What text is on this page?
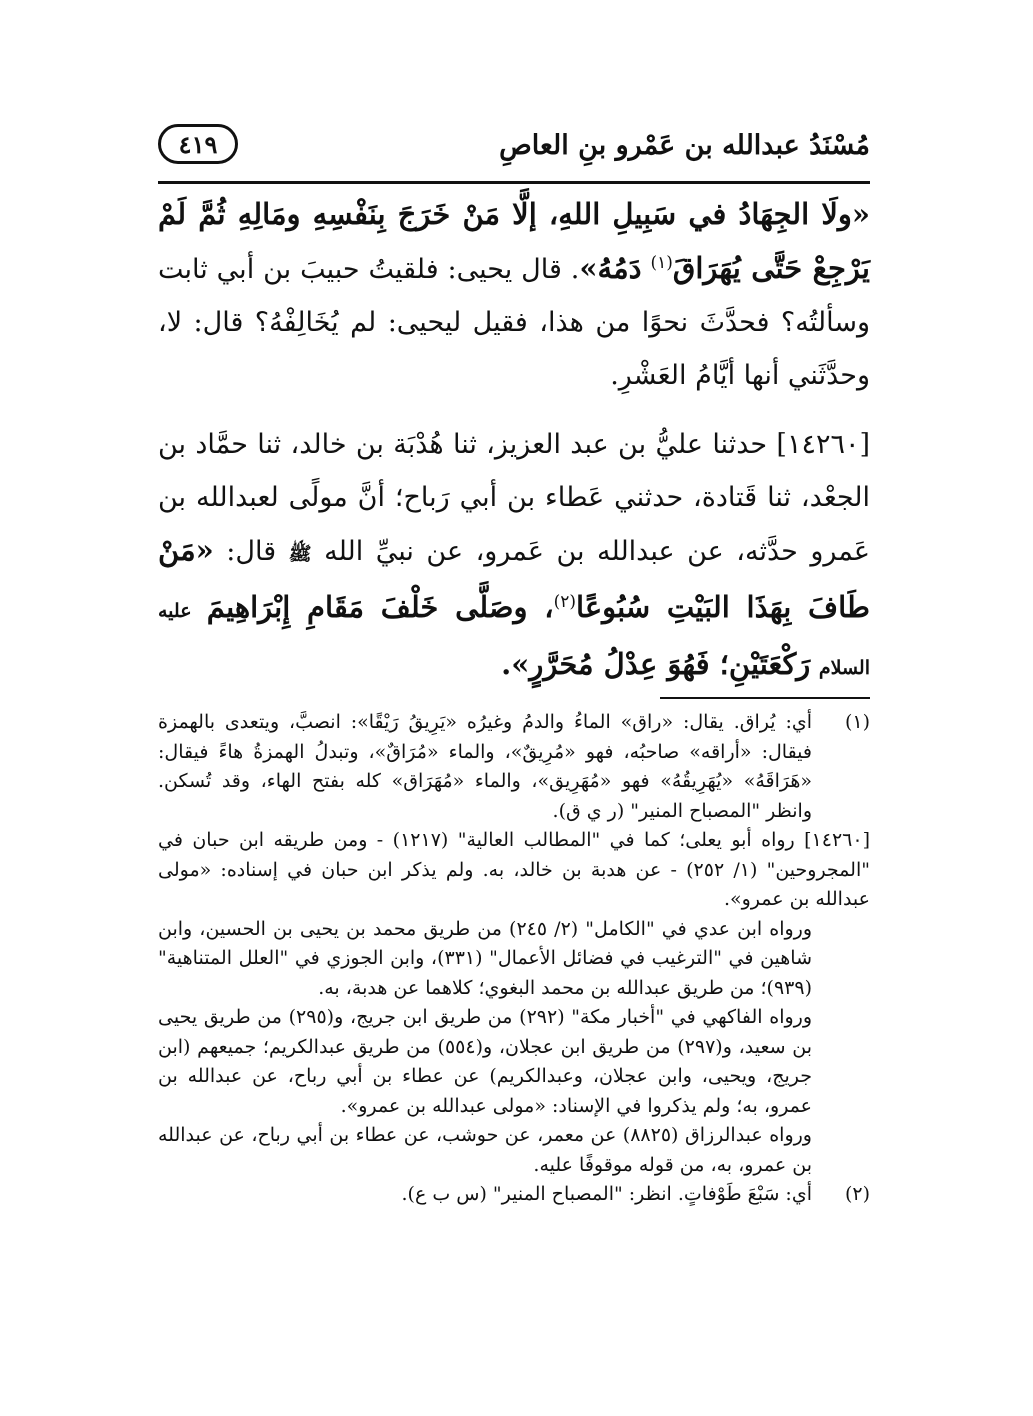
مُسْنَدُ عبدالله بن عَمْرو بنِ العاصِ
٤١٩

«ولَا الجِهَادُ في سَبِيلِ اللهِ، إلَّا مَنْ خَرَجَ بِنَفْسِهِ ومَالِهِ ثُمَّ لَمْ يَرْجِعْ حَتَّى يُهَرَاقَ$^{(١)}$ دَمُهُ». قال يحيى: فلقيتُ حبيبَ بن أبي ثابت وسألتُه؟ فحدَّثَ نحوًا من هذا، فقيل ليحيى: لم يُخَالِفْهُ؟ قال: لا، وحدَّثَني أنها أيَّامُ العَشْرِ.

[١٤٢٦٠] حدثنا عليُّ بن عبد العزيز، ثنا هُدْبَة بن خالد، ثنا حمَّاد بن الجعْد، ثنا قَتادة، حدثني عَطاء بن أبي رَباح؛ أنَّ مولًى لعبدالله بن عَمرو حدَّثه، عن عبدالله بن عَمرو، عن نبيِّ الله ﷺ قال: «مَنْ طَافَ بِهَذَا البَيْتِ سُبُوعًا$^{(٢)}$، وصَلَّى خَلْفَ مَقَامِ إِبْرَاهِيمَ عليه السلام رَكْعَتَيْنِ؛ فَهُوَ عِدْلُ مُحَرَّرٍ».

(١)
أي: يُراق. يقال: «راق» الماءُ والدمُ وغيرُه «يَرِيقُ رَيْقًا»: انصبَّ، ويتعدى بالهمزة فيقال: «أراقه» صاحبُه، فهو «مُرِيقٌ»، والماء «مُرَاقٌ»، وتبدلُ الهمزةُ هاءً فيقال: «هَرَاقَهُ» «يُهَرِيقُهُ» فهو «مُهَرِيق»، والماء «مُهَرَاق» كله بفتح الهاء، وقد تُسكن. وانظر "المصباح المنير" (ر ي ق).
[١٤٢٦٠] رواه أبو يعلى؛ كما في "المطالب العالية" (١٢١٧) - ومن طريقه ابن حبان في "المجروحين" (١/ ٢٥٢) - عن هدبة بن خالد، به. ولم يذكر ابن حبان في إسناده: «مولى عبدالله بن عمرو».
ورواه ابن عدي في "الكامل" (٢/ ٢٤٥) من طريق محمد بن يحيى بن الحسين، وابن شاهين في "الترغيب في فضائل الأعمال" (٣٣١)، وابن الجوزي في "العلل المتناهية" (٩٣٩)؛ من طريق عبدالله بن محمد البغوي؛ كلاهما عن هدبة، به.
ورواه الفاكهي في "أخبار مكة" (٢٩٢) من طريق ابن جريج، و(٢٩٥) من طريق يحيى بن سعيد، و(٢٩٧) من طريق ابن عجلان، و(٥٥٤) من طريق عبدالكريم؛ جميعهم (ابن جريج، ويحيى، وابن عجلان، وعبدالكريم) عن عطاء بن أبي رباح، عن عبدالله بن عمرو، به؛ ولم يذكروا في الإسناد: «مولى عبدالله بن عمرو».
ورواه عبدالرزاق (٨٨٢٥) عن معمر، عن حوشب، عن عطاء بن أبي رباح، عن عبدالله بن عمرو، به، من قوله موقوفًا عليه.
(٢)
أي: سَبْعَ طَوْفاتٍ. انظر: "المصباح المنير" (س ب ع).
